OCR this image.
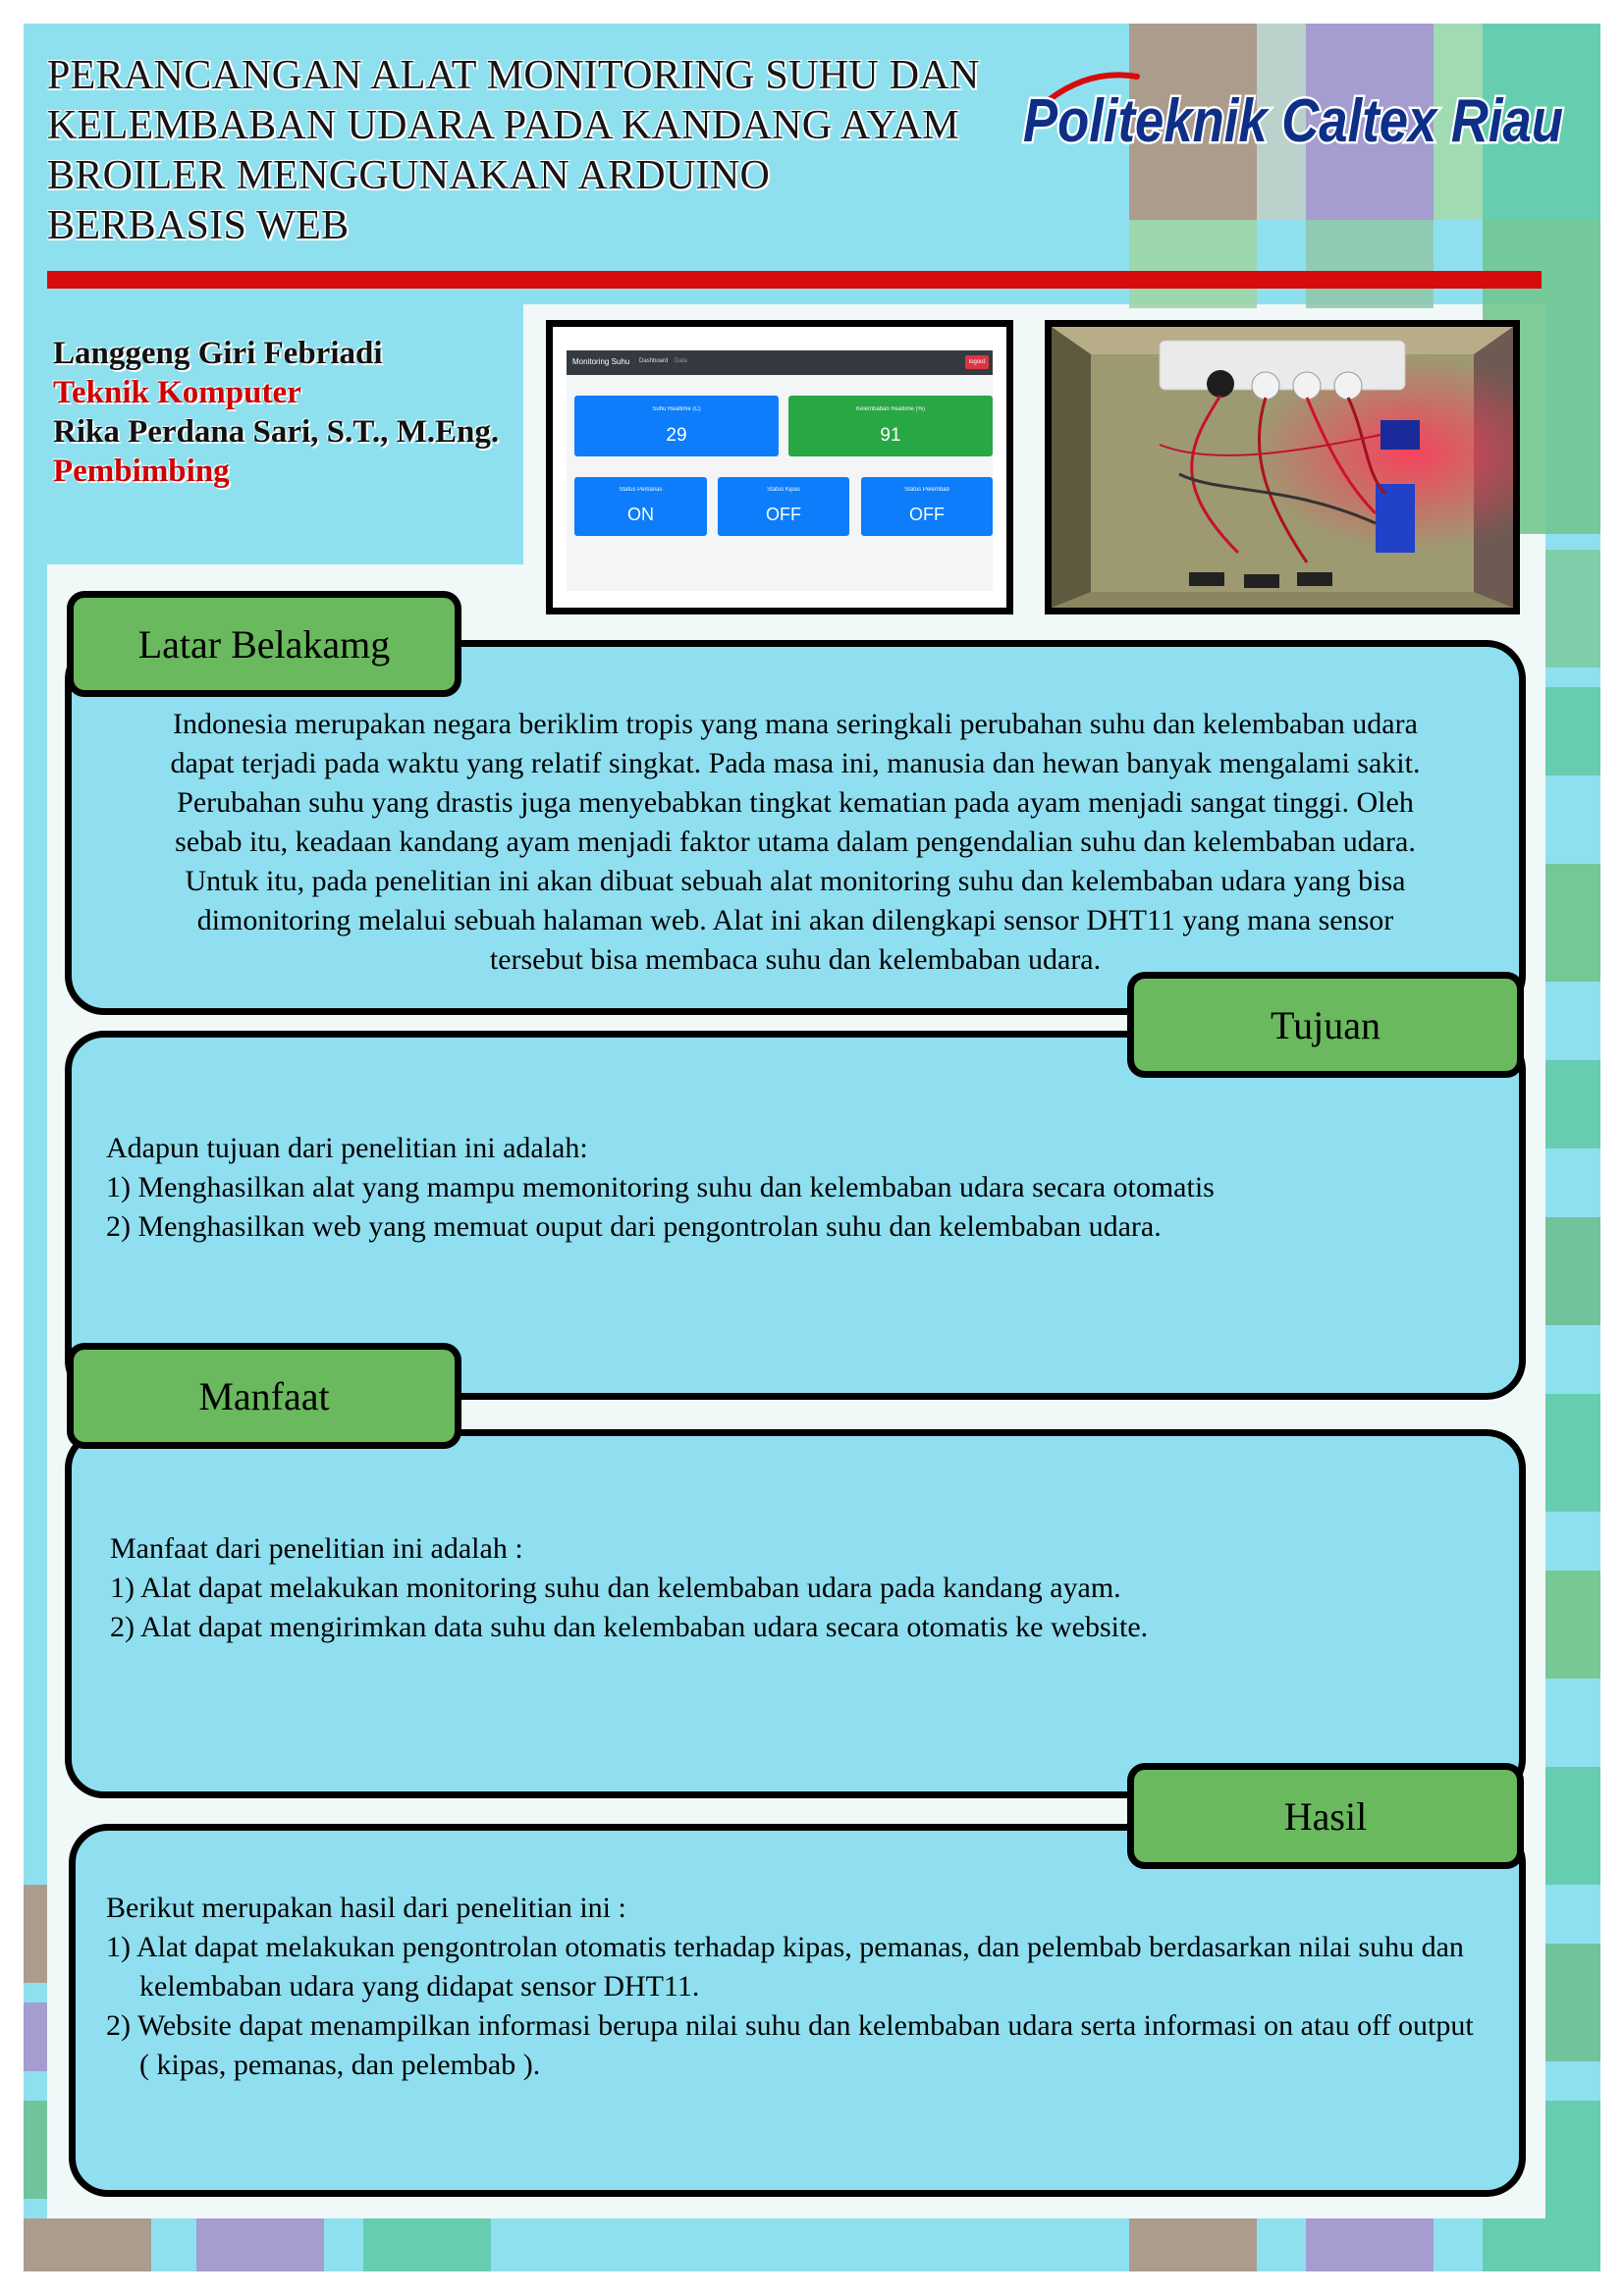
PERANCANGAN ALAT MONITORING SUHU DAN
KELEMBABAN UDARA PADA KANDANG AYAM
BROILER MENGGUNAKAN ARDUINO
BERBASIS WEB
Politeknik Caltex Riau
Langgeng Giri Febriadi
Teknik Komputer
Rika Perdana Sari, S.T., M.Eng.
Pembimbing
Monitoring Suhu Dashboard Data	logout
Suhu Realtime (C)
29
Kelembaban Realtime (%)
91
Status Pemanas
ON
Status Kipas
OFF
Status Pelembab
OFF
Latar Belakamg
Indonesia merupakan negara beriklim tropis yang mana seringkali perubahan suhu dan kelembaban udara
dapat terjadi pada waktu yang relatif singkat. Pada masa ini, manusia dan hewan banyak mengalami sakit.
Perubahan suhu yang drastis juga menyebabkan tingkat kematian pada ayam menjadi sangat tinggi. Oleh
sebab itu, keadaan kandang ayam menjadi faktor utama dalam pengendalian suhu dan kelembaban udara.
Untuk itu, pada penelitian ini akan dibuat sebuah alat monitoring suhu dan kelembaban udara yang bisa
dimonitoring melalui sebuah halaman web. Alat ini akan dilengkapi sensor DHT11 yang mana sensor
tersebut bisa membaca suhu dan kelembaban udara.
Tujuan

Adapun tujuan dari penelitian ini adalah:

1) Menghasilkan alat yang mampu memonitoring suhu dan kelembaban udara secara otomatis

2) Menghasilkan web yang memuat ouput dari pengontrolan suhu dan kelembaban udara.

Manfaat

Manfaat dari penelitian ini adalah :

1) Alat dapat melakukan monitoring suhu dan kelembaban udara pada kandang ayam.

2) Alat dapat mengirimkan data suhu dan kelembaban udara secara otomatis ke website.

Hasil

Berikut merupakan hasil dari penelitian ini :

1) Alat dapat melakukan pengontrolan otomatis terhadap kipas, pemanas, dan pelembab berdasarkan nilai suhu dan kelembaban udara yang didapat sensor DHT11.

2) Website dapat menampilkan informasi berupa nilai suhu dan kelembaban udara serta informasi on atau off output ( kipas, pemanas, dan pelembab ).
